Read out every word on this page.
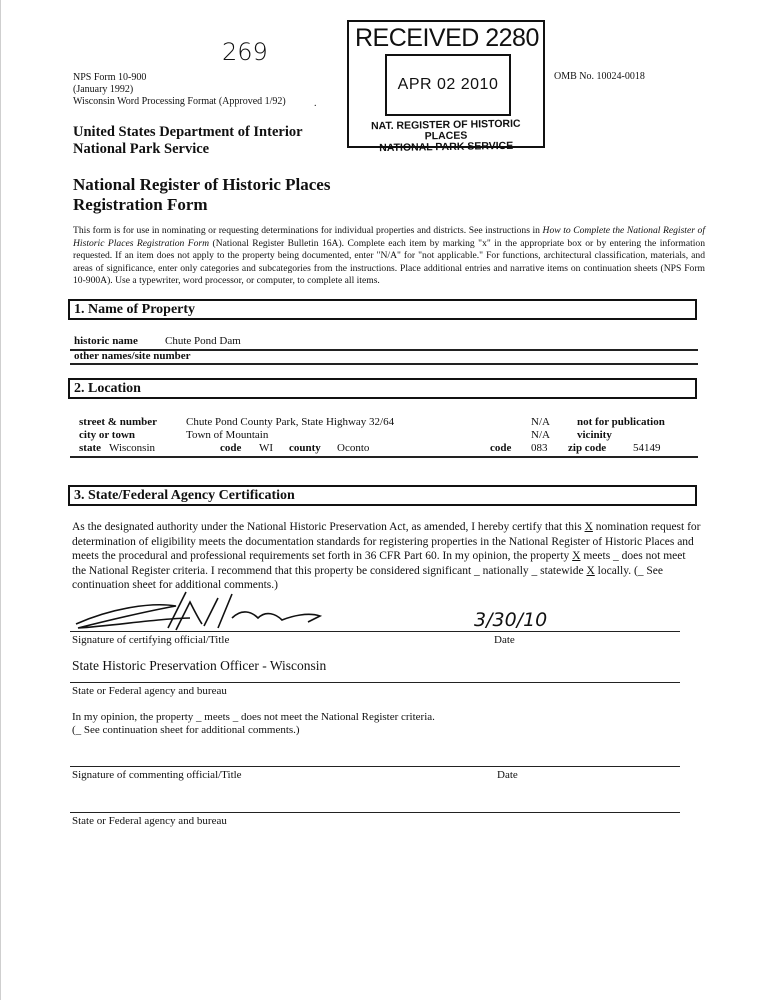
269
NPS Form 10-900
(January 1992)
Wisconsin Word Processing Format (Approved 1/92)
OMB No. 10024-0018
.
United States Department of Interior
National Park Service
RECEIVED 2280
APR 02 2010
NAT. REGISTER OF HISTORIC PLACES
NATIONAL PARK SERVICE
National Register of Historic Places
Registration Form
This form is for use in nominating or requesting determinations for individual properties and districts. See instructions in How to Complete the National Register of Historic Places Registration Form (National Register Bulletin 16A). Complete each item by marking "x" in the appropriate box or by entering the information requested. If an item does not apply to the property being documented, enter "N/A" for "not applicable." For functions, architectural classification, materials, and areas of significance, enter only categories and subcategories from the instructions. Place additional entries and narrative items on continuation sheets (NPS Form 10-900A). Use a typewriter, word processor, or computer, to complete all items.
1. Name of Property
historic name Chute Pond Dam
other names/site number
2. Location
street & number	Chute Pond County Park, State Highway 32/64	N/A not for publication
city or town	Town of Mountain	N/A vicinity
state Wisconsin	code WI county Oconto	code 083 zip code 54149
3. State/Federal Agency Certification
As the designated authority under the National Historic Preservation Act, as amended, I hereby certify that this X nomination request for determination of eligibility meets the documentation standards for registering properties in the National Register of Historic Places and meets the procedural and professional requirements set forth in 36 CFR Part 60. In my opinion, the property X meets _ does not meet the National Register criteria. I recommend that this property be considered significant _ nationally _ statewide X locally. (_ See continuation sheet for additional comments.)
3/30/10
Signature of certifying official/Title	Date
State Historic Preservation Officer - Wisconsin
State or Federal agency and bureau
In my opinion, the property _ meets _ does not meet the National Register criteria.
(_ See continuation sheet for additional comments.)
Signature of commenting official/Title	Date
State or Federal agency and bureau
